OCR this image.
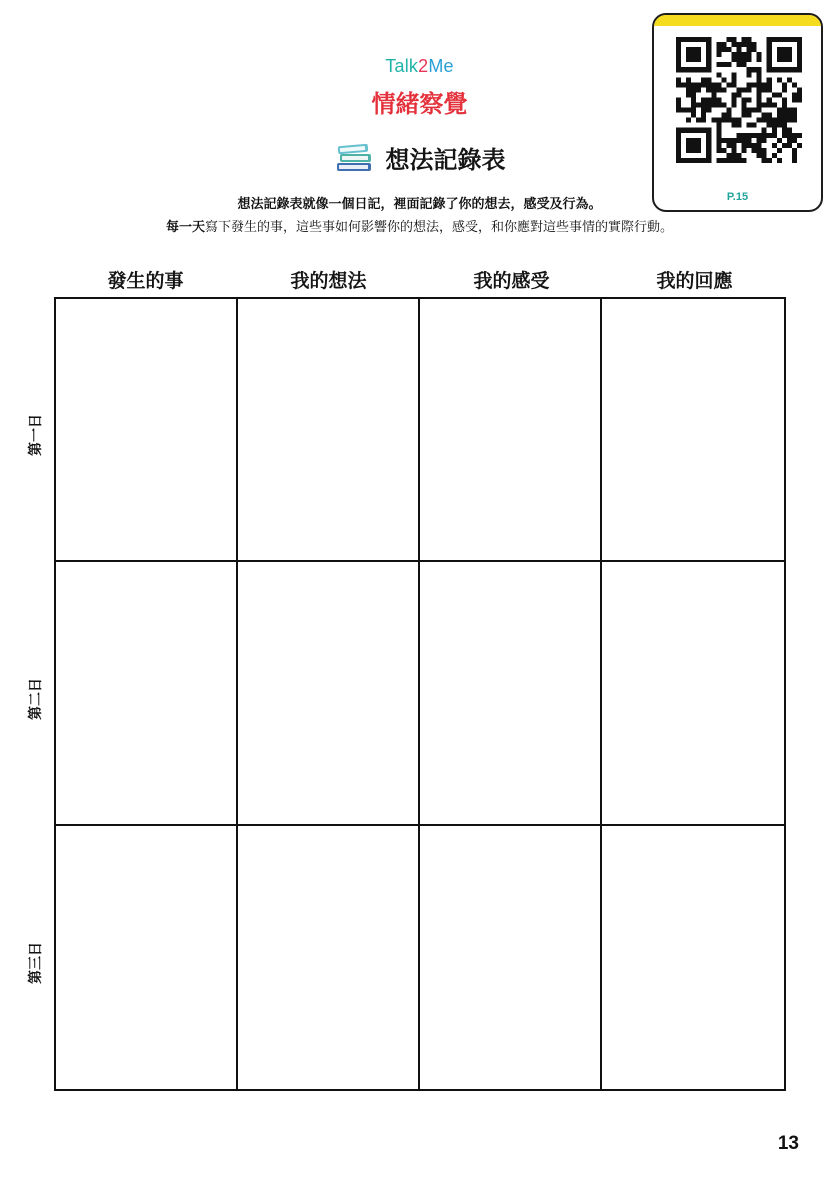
Talk2Me
情緒察覺
想法記錄表
想法記錄表就像一個日記，裡面記錄了你的想去，感受及行為。
每一天寫下發生的事，這些事如何影響你的想法，感受，和你應對這些事情的實際行動。
P.15
發生的事	我的想法	我的感受	我的回應
第一日
第二日
第三日
13
